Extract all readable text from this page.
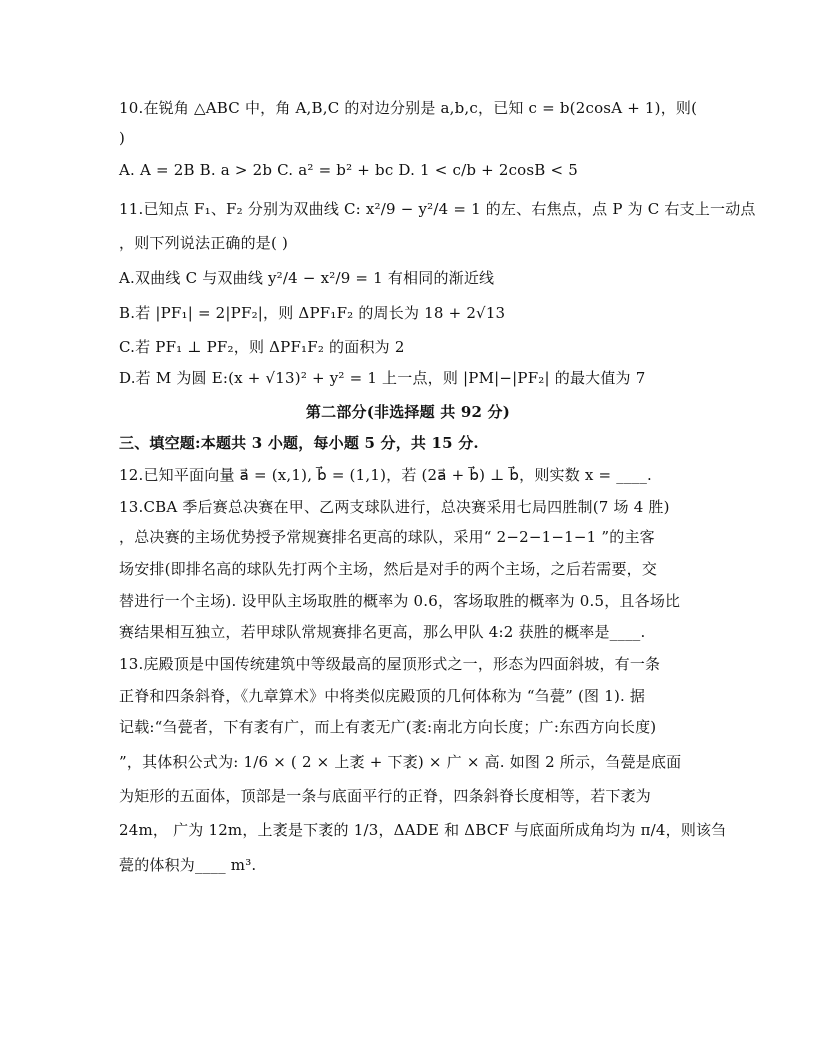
10.在锐角 △ABC 中，角 A,B,C 的对边分别是 a,b,c，已知 c = b(2cosA + 1)，则(
)
A. A = 2B B. a > 2b C. a² = b² + bc D. 1 < c/b + 2cosB < 5
11.已知点 F₁、F₂ 分别为双曲线 C: x²/9 − y²/4 = 1 的左、右焦点，点 P 为 C 右支上一动点
，则下列说法正确的是( )
A.双曲线 C 与双曲线 y²/4 − x²/9 = 1 有相同的渐近线
B.若 |PF₁| = 2|PF₂|，则 ΔPF₁F₂ 的周长为 18 + 2√13
C.若 PF₁ ⊥ PF₂，则 ΔPF₁F₂ 的面积为 2
D.若 M 为圆 E:(x + √13)² + y² = 1 上一点，则 |PM|−|PF₂| 的最大值为 7
第二部分(非选择题 共 92 分)
三、填空题:本题共 3 小题，每小题 5 分，共 15 分.
12.已知平面向量 a⃗ = (x,1), b⃗ = (1,1)，若 (2a⃗ + b⃗) ⊥ b⃗，则实数 x = ____.
13.CBA 季后赛总决赛在甲、乙两支球队进行，总决赛采用七局四胜制(7 场 4 胜)
，总决赛的主场优势授予常规赛排名更高的球队，采用“ 2−2−1−1−1 ”的主客
场安排(即排名高的球队先打两个主场，然后是对手的两个主场，之后若需要，交
替进行一个主场). 设甲队主场取胜的概率为 0.6，客场取胜的概率为 0.5，且各场比
赛结果相互独立，若甲球队常规赛排名更高，那么甲队 4:2 获胜的概率是____.
13.庑殿顶是中国传统建筑中等级最高的屋顶形式之一，形态为四面斜坡，有一条
正脊和四条斜脊，《九章算术》中将类似庑殿顶的几何体称为 “刍甍” (图 1). 据
记载:“刍甍者，下有袤有广，而上有袤无广(袤:南北方向长度；广:东西方向长度)
”，其体积公式为: 1/6 × ( 2 × 上袤 + 下袤) × 广 × 高. 如图 2 所示，刍甍是底面
为矩形的五面体，顶部是一条与底面平行的正脊，四条斜脊长度相等，若下袤为
24m， 广为 12m，上袤是下袤的 1/3，ΔADE 和 ΔBCF 与底面所成角均为 π/4，则该刍
甍的体积为____ m³.
